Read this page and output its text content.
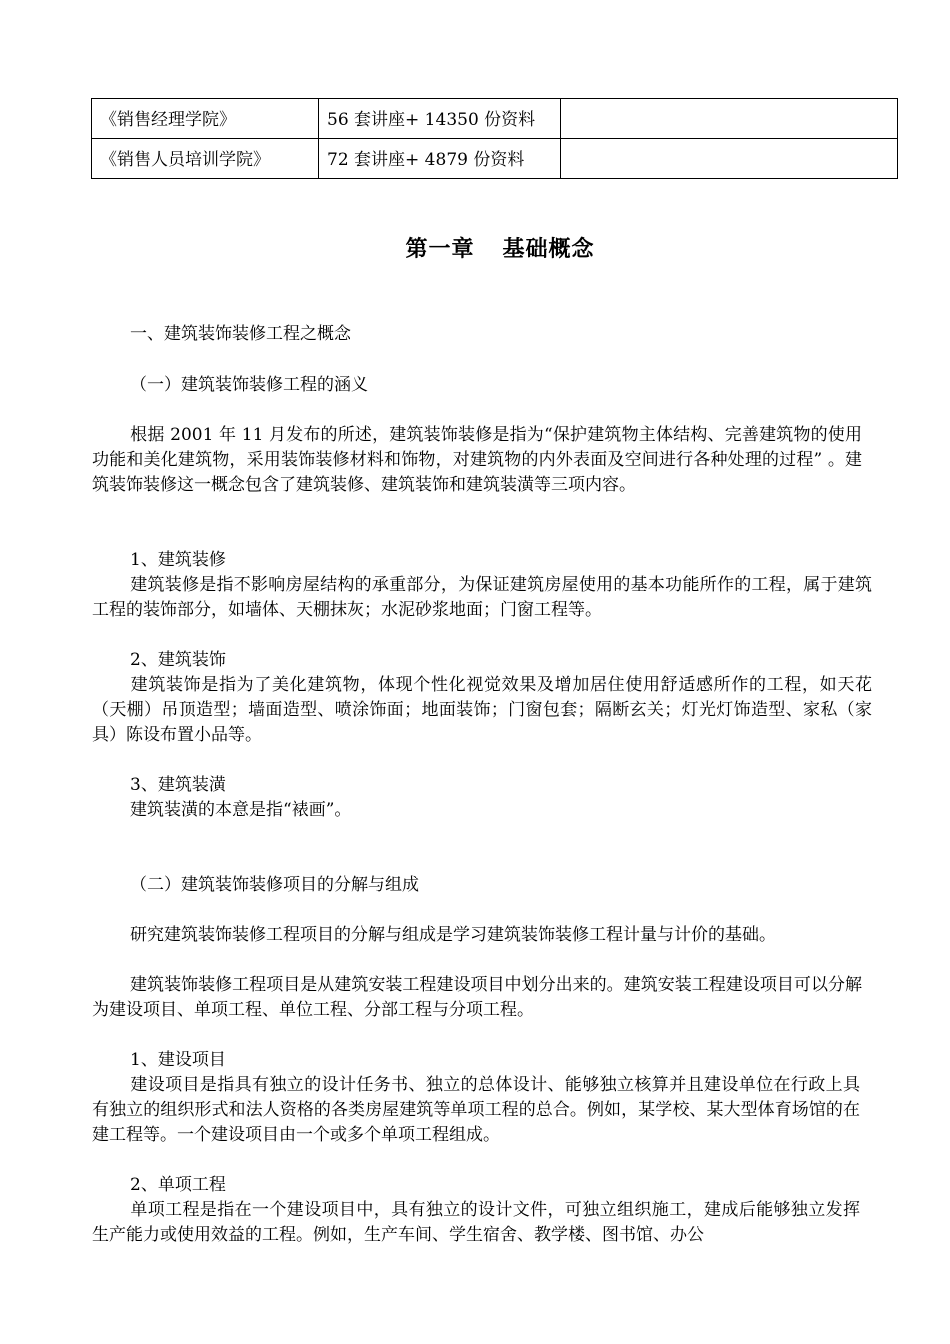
《销售经理学院》	56 套讲座+ 14350 份资料	
《销售人员培训学院》	72 套讲座+ 4879 份资料	
第一章 基础概念
一、建筑装饰装修工程之概念
（一）建筑装饰装修工程的涵义
根据 2001 年 11 月发布的所述，建筑装饰装修是指为“保护建筑物主体结构、完善建筑物的使用功能和美化建筑物，采用装饰装修材料和饰物，对建筑物的内外表面及空间进行各种处理的过程” 。建筑装饰装修这一概念包含了建筑装修、建筑装饰和建筑装潢等三项内容。
1、建筑装修
建筑装修是指不影响房屋结构的承重部分，为保证建筑房屋使用的基本功能所作的工程，属于建筑工程的装饰部分，如墙体、天棚抹灰；水泥砂浆地面；门窗工程等。
2、建筑装饰
建筑装饰是指为了美化建筑物，体现个性化视觉效果及增加居住使用舒适感所作的工程，如天花（天棚）吊顶造型；墙面造型、喷涂饰面；地面装饰；门窗包套；隔断玄关；灯光灯饰造型、家私（家具）陈设布置小品等。
3、建筑装潢
建筑装潢的本意是指“裱画”。
（二）建筑装饰装修项目的分解与组成
研究建筑装饰装修工程项目的分解与组成是学习建筑装饰装修工程计量与计价的基础。
建筑装饰装修工程项目是从建筑安装工程建设项目中划分出来的。建筑安装工程建设项目可以分解为建设项目、单项工程、单位工程、分部工程与分项工程。
1、建设项目
建设项目是指具有独立的设计任务书、独立的总体设计、能够独立核算并且建设单位在行政上具有独立的组织形式和法人资格的各类房屋建筑等单项工程的总合。例如，某学校、某大型体育场馆的在建工程等。一个建设项目由一个或多个单项工程组成。
2、单项工程
单项工程是指在一个建设项目中，具有独立的设计文件，可独立组织施工，建成后能够独立发挥生产能力或使用效益的工程。例如，生产车间、学生宿舍、教学楼、图书馆、办公
